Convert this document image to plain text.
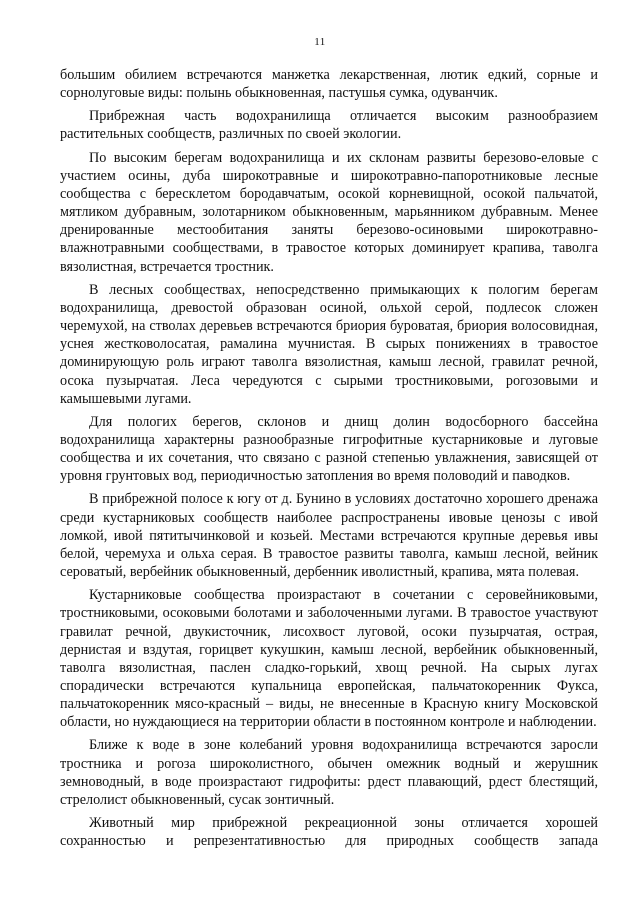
11

большим обилием встречаются манжетка лекарственная, лютик едкий, сорные и сорнолуговые виды: полынь обыкновенная, пастушья сумка, одуванчик.

Прибрежная часть водохранилища отличается высоким разнообразием растительных сообществ, различных по своей экологии.

По высоким берегам водохранилища и их склонам развиты березово-еловые с участием осины, дуба широкотравные и широкотравно-папоротниковые лесные сообщества с бересклетом бородавчатым, осокой корневищной, осокой пальчатой, мятликом дубравным, золотарником обыкновенным, марьянником дубравным. Менее дренированные местообитания заняты березово-осиновыми широкотравно-влажнотравными сообществами, в травостое которых доминирует крапива, таволга вязолистная, встречается тростник.

В лесных сообществах, непосредственно примыкающих к пологим берегам водохранилища, древостой образован осиной, ольхой серой, подлесок сложен черемухой, на стволах деревьев встречаются бриория буроватая, бриория волосовидная, уснея жестковолосатая, рамалина мучнистая. В сырых понижениях в травостое доминирующую роль играют таволга вязолистная, камыш лесной, гравилат речной, осока пузырчатая. Леса чередуются с сырыми тростниковыми, рогозовыми и камышевыми лугами.

Для пологих берегов, склонов и днищ долин водосборного бассейна водохранилища характерны разнообразные гигрофитные кустарниковые и луговые сообщества и их сочетания, что связано с разной степенью увлажнения, зависящей от уровня грунтовых вод, периодичностью затопления во время половодий и паводков.

В прибрежной полосе к югу от д. Бунино в условиях достаточно хорошего дренажа среди кустарниковых сообществ наиболее распространены ивовые ценозы с ивой ломкой, ивой пятитычинковой и козьей. Местами встречаются крупные деревья ивы белой, черемуха и ольха серая. В травостое развиты таволга, камыш лесной, вейник сероватый, вербейник обыкновенный, дербенник иволистный, крапива, мята полевая.

Кустарниковые сообщества произрастают в сочетании с серовейниковыми, тростниковыми, осоковыми болотами и заболоченными лугами. В травостое участвуют гравилат речной, двукисточник, лисохвост луговой, осоки пузырчатая, острая, дернистая и вздутая, горицвет кукушкин, камыш лесной, вербейник обыкновенный, таволга вязолистная, паслен сладко-горький, хвощ речной. На сырых лугах спорадически встречаются купальница европейская, пальчатокоренник Фукса, пальчатокоренник мясо-красный – виды, не внесенные в Красную книгу Московской области, но нуждающиеся на территории области в постоянном контроле и наблюдении.

Ближе к воде в зоне колебаний уровня водохранилища встречаются заросли тростника и рогоза широколистного, обычен омежник водный и жерушник земноводный, в воде произрастают гидрофиты: рдест плавающий, рдест блестящий, стрелолист обыкновенный, сусак зонтичный.

Животный мир прибрежной рекреационной зоны отличается хорошей сохранностью и репрезентативностью для природных сообществ запада
